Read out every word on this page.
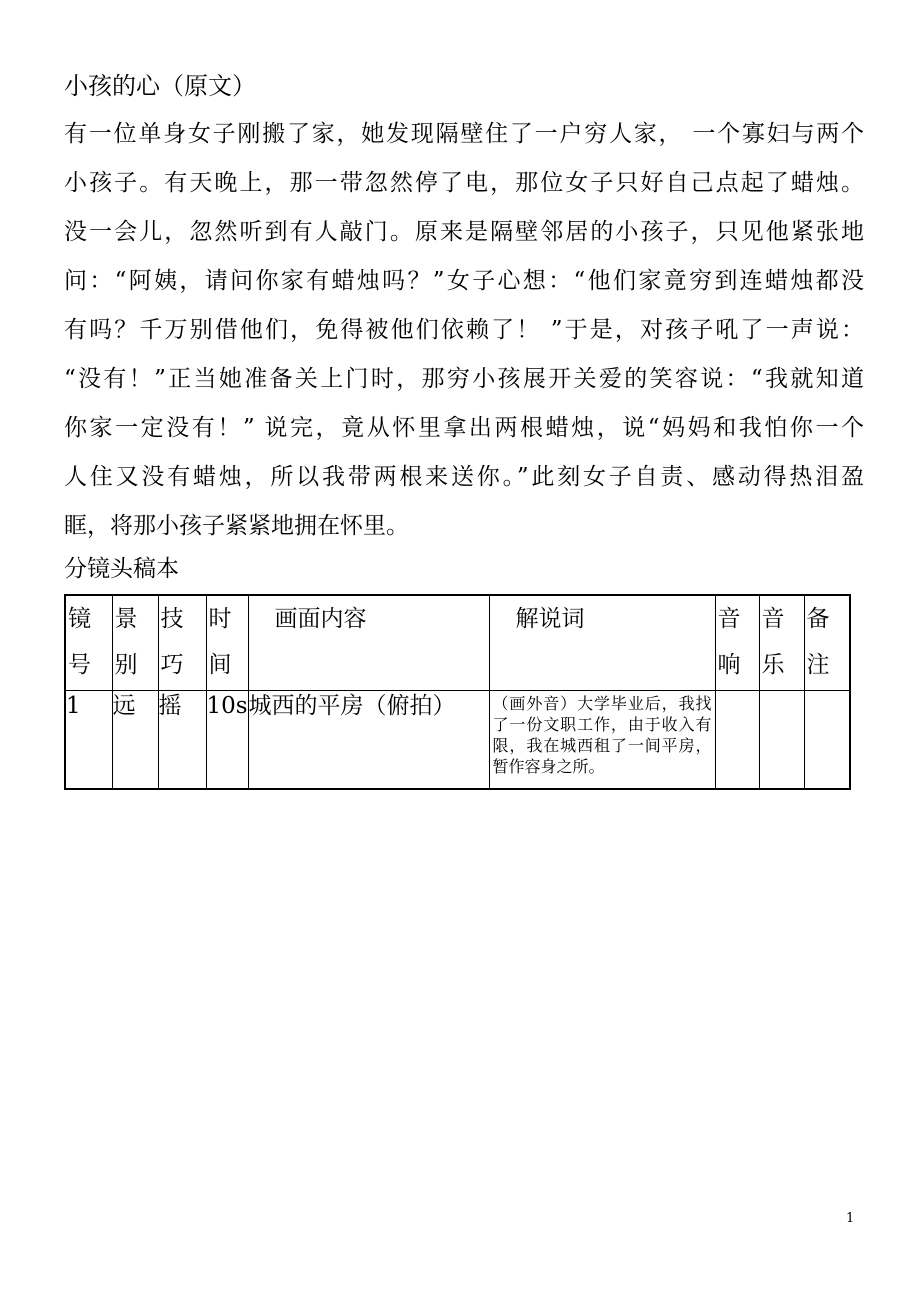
小孩的心（原文）
有一位单身女子刚搬了家，她发现隔壁住了一户穷人家， 一个寡妇与两个
小孩子。有天晚上，那一带忽然停了电，那位女子只好自己点起了蜡烛。
没一会儿，忽然听到有人敲门。原来是隔壁邻居的小孩子，只见他紧张地
问：“阿姨，请问你家有蜡烛吗？”女子心想：“他们家竟穷到连蜡烛都没
有吗？千万别借他们，免得被他们依赖了！ ”于是，对孩子吼了一声说：
“没有！”正当她准备关上门时，那穷小孩展开关爱的笑容说：“我就知道
你家一定没有！” 说完，竟从怀里拿出两根蜡烛，说“妈妈和我怕你一个
人住又没有蜡烛，所以我带两根来送你。”此刻女子自责、感动得热泪盈
眶，将那小孩子紧紧地拥在怀里。
分镜头稿本
镜号	景别	技巧	时间	画面内容	解说词	音响	音乐	备注

1	远	摇	10s	城西的平房（俯拍）	（画外音）大学毕业后，我找了一份文职工作，由于收入有限，我在城西租了一间平房，暂作容身之所。			
1
